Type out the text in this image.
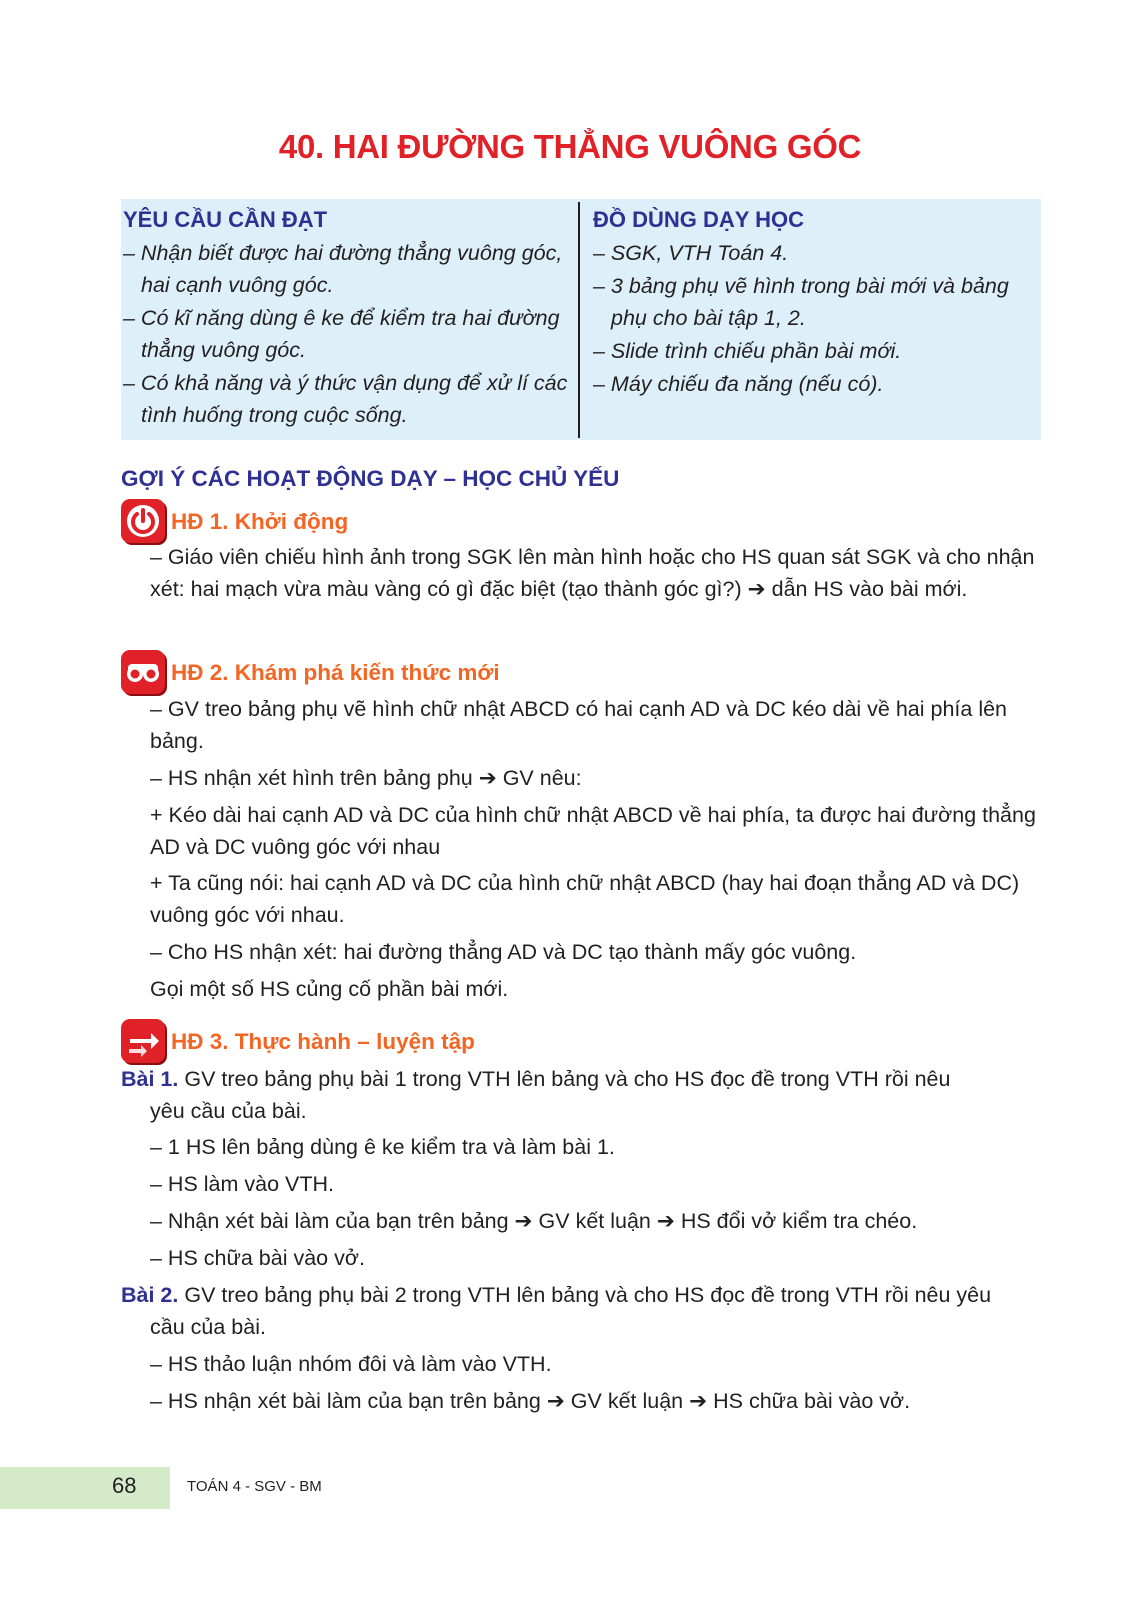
40. HAI ĐƯỜNG THẲNG VUÔNG GÓC
YÊU CẦU CẦN ĐẠT
– Nhận biết được hai đường thẳng vuông góc, hai cạnh vuông góc.
– Có kĩ năng dùng ê ke để kiểm tra hai đường thẳng vuông góc.
– Có khả năng và ý thức vận dụng để xử lí các tình huống trong cuộc sống.
ĐỒ DÙNG DẠY HỌC
– SGK, VTH Toán 4.
– 3 bảng phụ vẽ hình trong bài mới và bảng phụ cho bài tập 1, 2.
– Slide trình chiếu phần bài mới.
– Máy chiếu đa năng (nếu có).
GỢI Ý CÁC HOẠT ĐỘNG DẠY – HỌC CHỦ YẾU
HĐ 1. Khởi động
– Giáo viên chiếu hình ảnh trong SGK lên màn hình hoặc cho HS quan sát SGK và cho nhận xét: hai mạch vừa màu vàng có gì đặc biệt (tạo thành góc gì?) ➔ dẫn HS vào bài mới.
HĐ 2. Khám phá kiến thức mới
– GV treo bảng phụ vẽ hình chữ nhật ABCD có hai cạnh AD và DC kéo dài về hai phía lên bảng.
– HS nhận xét hình trên bảng phụ ➔ GV nêu:
+ Kéo dài hai cạnh AD và DC của hình chữ nhật ABCD về hai phía, ta được hai đường thẳng AD và DC vuông góc với nhau
+ Ta cũng nói: hai cạnh AD và DC của hình chữ nhật ABCD (hay hai đoạn thẳng AD và DC) vuông góc với nhau.
– Cho HS nhận xét: hai đường thẳng AD và DC tạo thành mấy góc vuông.
Gọi một số HS củng cố phần bài mới.
HĐ 3. Thực hành – luyện tập
Bài 1. GV treo bảng phụ bài 1 trong VTH lên bảng và cho HS đọc đề trong VTH rồi nêu
yêu cầu của bài.
– 1 HS lên bảng dùng ê ke kiểm tra và làm bài 1.
– HS làm vào VTH.
– Nhận xét bài làm của bạn trên bảng ➔ GV kết luận ➔ HS đổi vở kiểm tra chéo.
– HS chữa bài vào vở.
Bài 2. GV treo bảng phụ bài 2 trong VTH lên bảng và cho HS đọc đề trong VTH rồi nêu yêu
cầu của bài.
– HS thảo luận nhóm đôi và làm vào VTH.
– HS nhận xét bài làm của bạn trên bảng ➔ GV kết luận ➔ HS chữa bài vào vở.
68	TOÁN 4 - SGV - BM
